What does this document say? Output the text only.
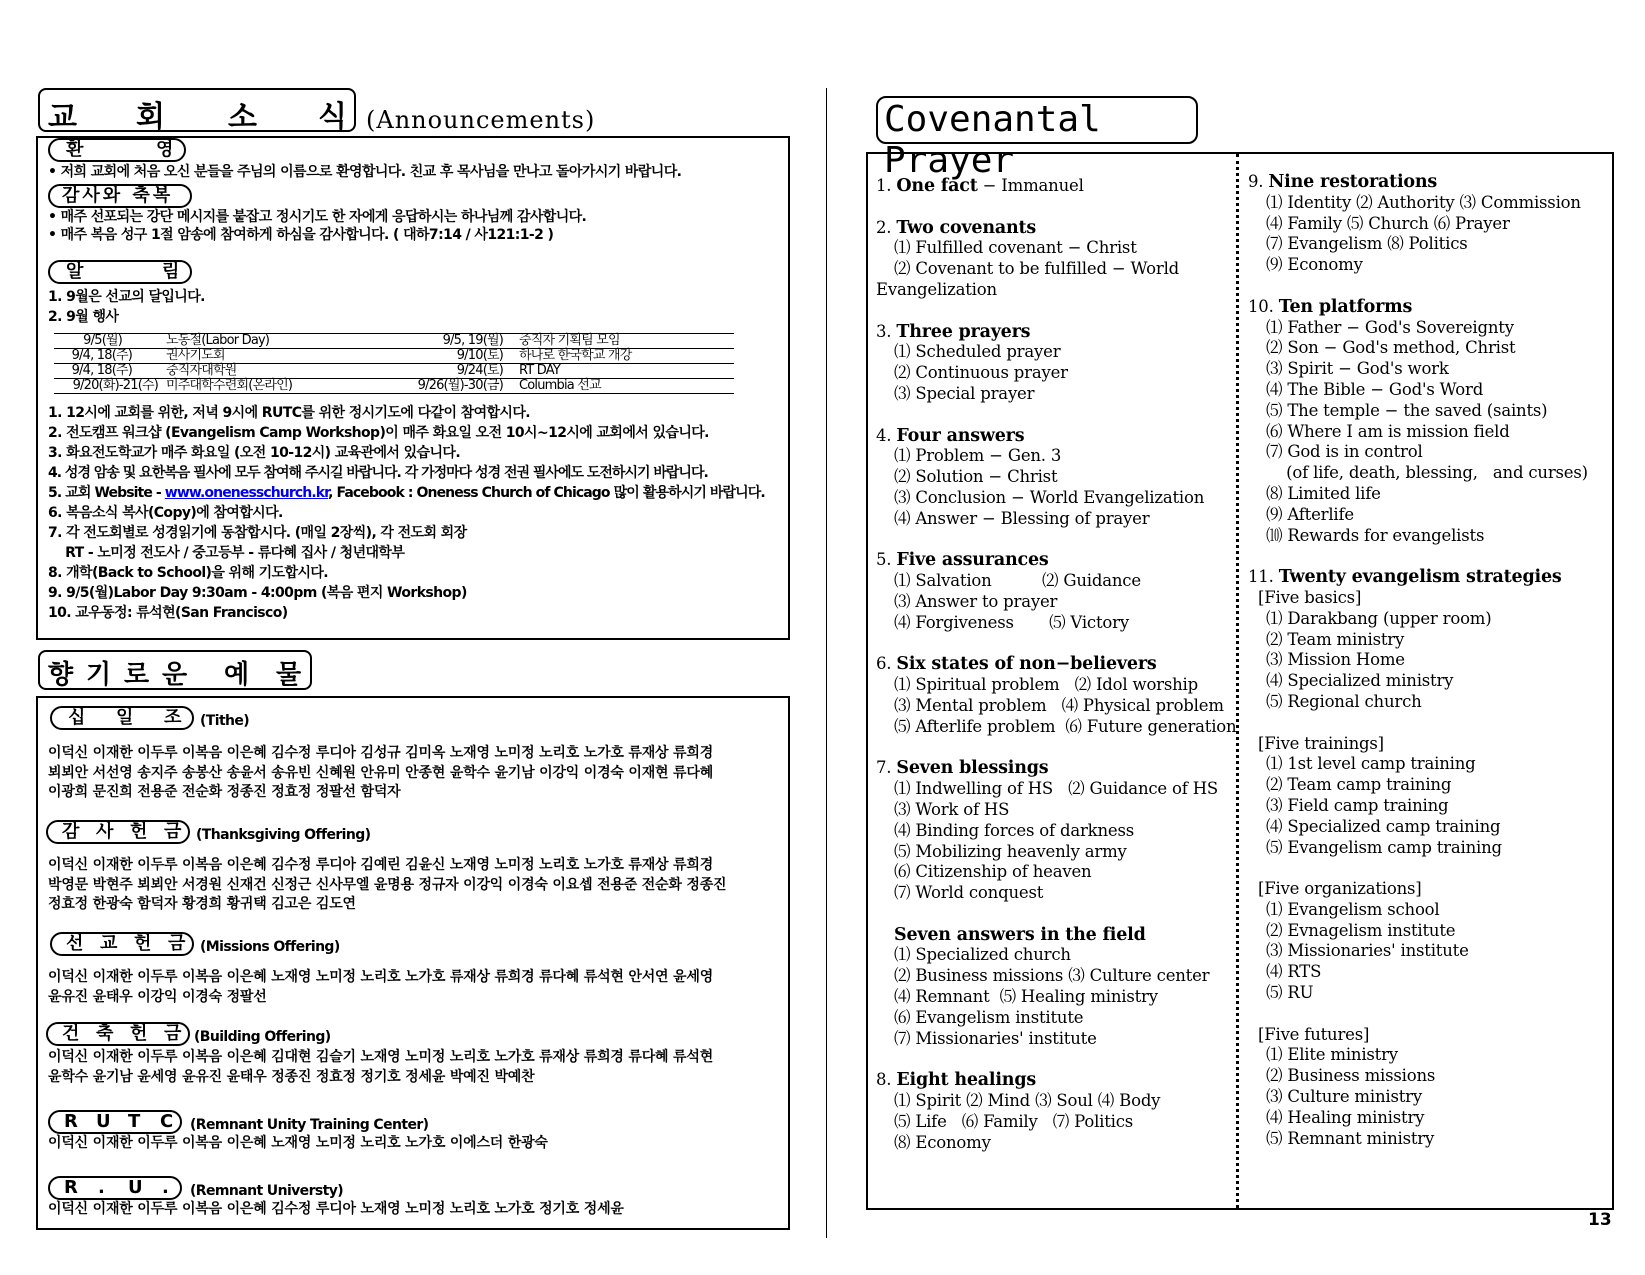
교 회 소 식 (Announcements)
환	영
• 저희 교회에 처음 오신 분들을 주님의 이름으로 환영합니다. 친교 후 목사님을 만나고 돌아가시기 바랍니다.
감사와 축복
• 매주 선포되는 강단 메시지를 붙잡고 정시기도 한 자에게 응답하시는 하나님께 감사합니다.
• 매주 복음 성구 1절 암송에 참여하게 하심을 감사합니다. ( 대하7:14 / 사121:1-2 )
알	림
1. 9월은 선교의 달입니다.
2. 9월 행사
9/5(월)	노동절(Labor Day)	9/5, 19(월)	중직자 기획팀 모임
9/4, 18(주)	권사기도회	9/10(토)	하나로 한국학교 개강
9/4, 18(주)	중직자대학원	9/24(토)	RT DAY
9/20(화)-21(수)	미주대학수련회(온라인)	9/26(월)-30(금)	Columbia 선교
1. 12시에 교회를 위한, 저녁 9시에 RUTC를 위한 정시기도에 다같이 참여합시다.
2. 전도캠프 워크샵 (Evangelism Camp Workshop)이 매주 화요일 오전 10시~12시에 교회에서 있습니다.
3. 화요전도학교가 매주 화요일 (오전 10-12시) 교육관에서 있습니다.
4. 성경 암송 및 요한복음 필사에 모두 참여해 주시길 바랍니다. 각 가정마다 성경 전권 필사에도 도전하시기 바랍니다.
5. 교회 Website - www.onenesschurch.kr, Facebook : Oneness Church of Chicago 많이 활용하시기 바랍니다.
6. 복음소식 복사(Copy)에 참여합시다.
7. 각 전도회별로 성경읽기에 동참합시다. (매일 2장씩), 각 전도회 회장
RT - 노미정 전도사 / 중고등부 - 류다혜 집사 / 청년대학부
8. 개학(Back to School)을 위해 기도합시다.
9. 9/5(월)Labor Day 9:30am - 4:00pm (복음 편지 Workshop)
10. 교우동정: 류석현(San Francisco)
향 기 로 운 예 물
십 일 조 (Tithe)
이덕신 이재한 이두루 이복음 이은혜 김수정 루디아 김성규 김미옥 노재영 노미정 노리호 노가호 류재상 류희경
뵈뵈안 서선영 송지주 송봉산 송윤서 송유빈 신혜원 안유미 안종현 윤학수 윤기남 이강익 이경숙 이재현 류다혜
이광희 문진희 전용준 전순화 정종진 정효정 정팔선 함덕자
감 사 헌 금 (Thanksgiving Offering)
이덕신 이재한 이두루 이복음 이은혜 김수정 루디아 김예린 김윤신 노재영 노미정 노리호 노가호 류재상 류희경
박영문 박현주 뵈뵈안 서경원 신재건 신정근 신사무엘 윤명용 정규자 이강익 이경숙 이요셉 전용준 전순화 정종진
정효정 한광숙 함덕자 황경희 황귀택 김고은 김도연
선 교 헌 금 (Missions Offering)
이덕신 이재한 이두루 이복음 이은혜 노재영 노미정 노리호 노가호 류재상 류희경 류다혜 류석현 안서연 윤세영
윤유진 윤태우 이강익 이경숙 정팔선
건 축 헌 금 (Building Offering)
이덕신 이재한 이두루 이복음 이은혜 김대현 김슬기 노재영 노미정 노리호 노가호 류재상 류희경 류다혜 류석현
윤학수 윤기남 윤세영 윤유진 윤태우 정종진 정효정 정기호 정세윤 박예진 박예찬
R U T C (Remnant Unity Training Center)
이덕신 이재한 이두루 이복음 이은혜 노재영 노미정 노리호 노가호 이에스더 한광숙
R . U . (Remnant Universty)
이덕신 이재한 이두루 이복음 이은혜 김수정 루디아 노재영 노미정 노리호 노가호 정기호 정세윤
Covenantal Prayer
1. One fact − Immanuel
2. Two covenants
⑴ Fulfilled covenant − Christ
⑵ Covenant to be fulfilled − World
Evangelization
3. Three prayers
⑴ Scheduled prayer
⑵ Continuous prayer
⑶ Special prayer
4. Four answers
⑴ Problem − Gen. 3
⑵ Solution − Christ
⑶ Conclusion − World Evangelization
⑷ Answer − Blessing of prayer
5. Five assurances
⑴ Salvation          ⑵ Guidance
⑶ Answer to prayer
⑷ Forgiveness       ⑸ Victory
6. Six states of non−believers
⑴ Spiritual problem   ⑵ Idol worship
⑶ Mental problem   ⑷ Physical problem
⑸ Afterlife problem  ⑹ Future generation
7. Seven blessings
⑴ Indwelling of HS   ⑵ Guidance of HS
⑶ Work of HS
⑷ Binding forces of darkness
⑸ Mobilizing heavenly army
⑹ Citizenship of heaven
⑺ World conquest
Seven answers in the field
⑴ Specialized church
⑵ Business missions ⑶ Culture center
⑷ Remnant  ⑸ Healing ministry
⑹ Evangelism institute
⑺ Missionaries' institute
8. Eight healings
⑴ Spirit ⑵ Mind ⑶ Soul ⑷ Body
⑸ Life   ⑹ Family   ⑺ Politics
⑻ Economy
9. Nine restorations
⑴ Identity ⑵ Authority ⑶ Commission
⑷ Family ⑸ Church ⑹ Prayer
⑺ Evangelism ⑻ Politics
⑼ Economy
10. Ten platforms
⑴ Father − God's Sovereignty
⑵ Son − God's method, Christ
⑶ Spirit − God's work
⑷ The Bible − God's Word
⑸ The temple − the saved (saints)
⑹ Where I am is mission field
⑺ God is in control
(of life, death, blessing,   and curses)
⑻ Limited life
⑼ Afterlife
⑽ Rewards for evangelists
11. Twenty evangelism strategies
[Five basics]
⑴ Darakbang (upper room)
⑵ Team ministry
⑶ Mission Home
⑷ Specialized ministry
⑸ Regional church

[Five trainings]
⑴ 1st level camp training
⑵ Team camp training
⑶ Field camp training
⑷ Specialized camp training
⑸ Evangelism camp training

[Five organizations]
⑴ Evangelism school
⑵ Evnagelism institute
⑶ Missionaries' institute
⑷ RTS
⑸ RU

[Five futures]
⑴ Elite ministry
⑵ Business missions
⑶ Culture ministry
⑷ Healing ministry
⑸ Remnant ministry
13
